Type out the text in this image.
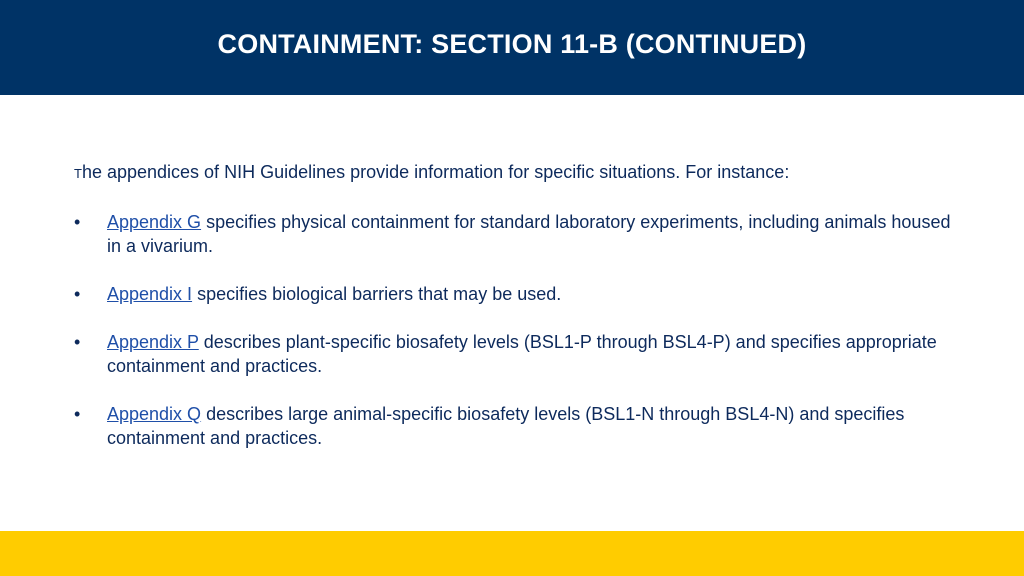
CONTAINMENT: SECTION 11-B (CONTINUED)

The appendices of NIH Guidelines provide information for specific situations. For instance:

•	Appendix G specifies physical containment for standard laboratory experiments, including animals housed in a vivarium.
•	Appendix I specifies biological barriers that may be used.
•	Appendix P describes plant-specific biosafety levels (BSL1-P through BSL4-P) and specifies appropriate containment and practices.
•	Appendix Q describes large animal-specific biosafety levels (BSL1-N through BSL4-N) and specifies containment and practices.
